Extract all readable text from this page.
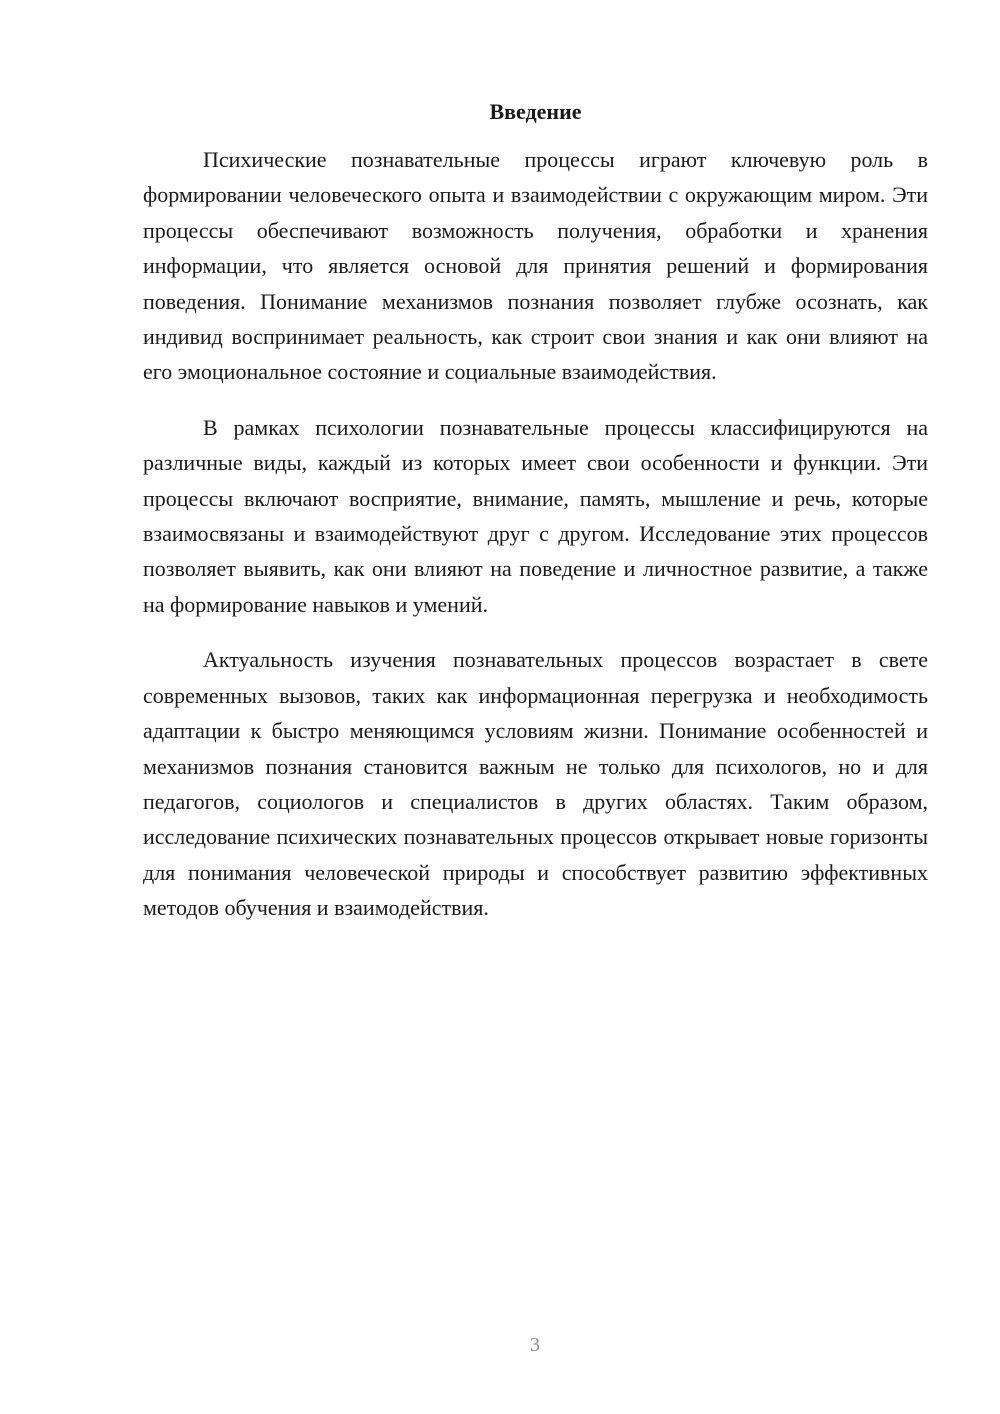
Введение

Психические познавательные процессы играют ключевую роль в формировании человеческого опыта и взаимодействии с окружающим миром. Эти процессы обеспечивают возможность получения, обработки и хранения информации, что является основой для принятия решений и формирования поведения. Понимание механизмов познания позволяет глубже осознать, как индивид воспринимает реальность, как строит свои знания и как они влияют на его эмоциональное состояние и социальные взаимодействия.

В рамках психологии познавательные процессы классифицируются на различные виды, каждый из которых имеет свои особенности и функции. Эти процессы включают восприятие, внимание, память, мышление и речь, которые взаимосвязаны и взаимодействуют друг с другом. Исследование этих процессов позволяет выявить, как они влияют на поведение и личностное развитие, а также на формирование навыков и умений.

Актуальность изучения познавательных процессов возрастает в свете современных вызовов, таких как информационная перегрузка и необходимость адаптации к быстро меняющимся условиям жизни. Понимание особенностей и механизмов познания становится важным не только для психологов, но и для педагогов, социологов и специалистов в других областях. Таким образом, исследование психических познавательных процессов открывает новые горизонты для понимания человеческой природы и способствует развитию эффективных методов обучения и взаимодействия.

3
